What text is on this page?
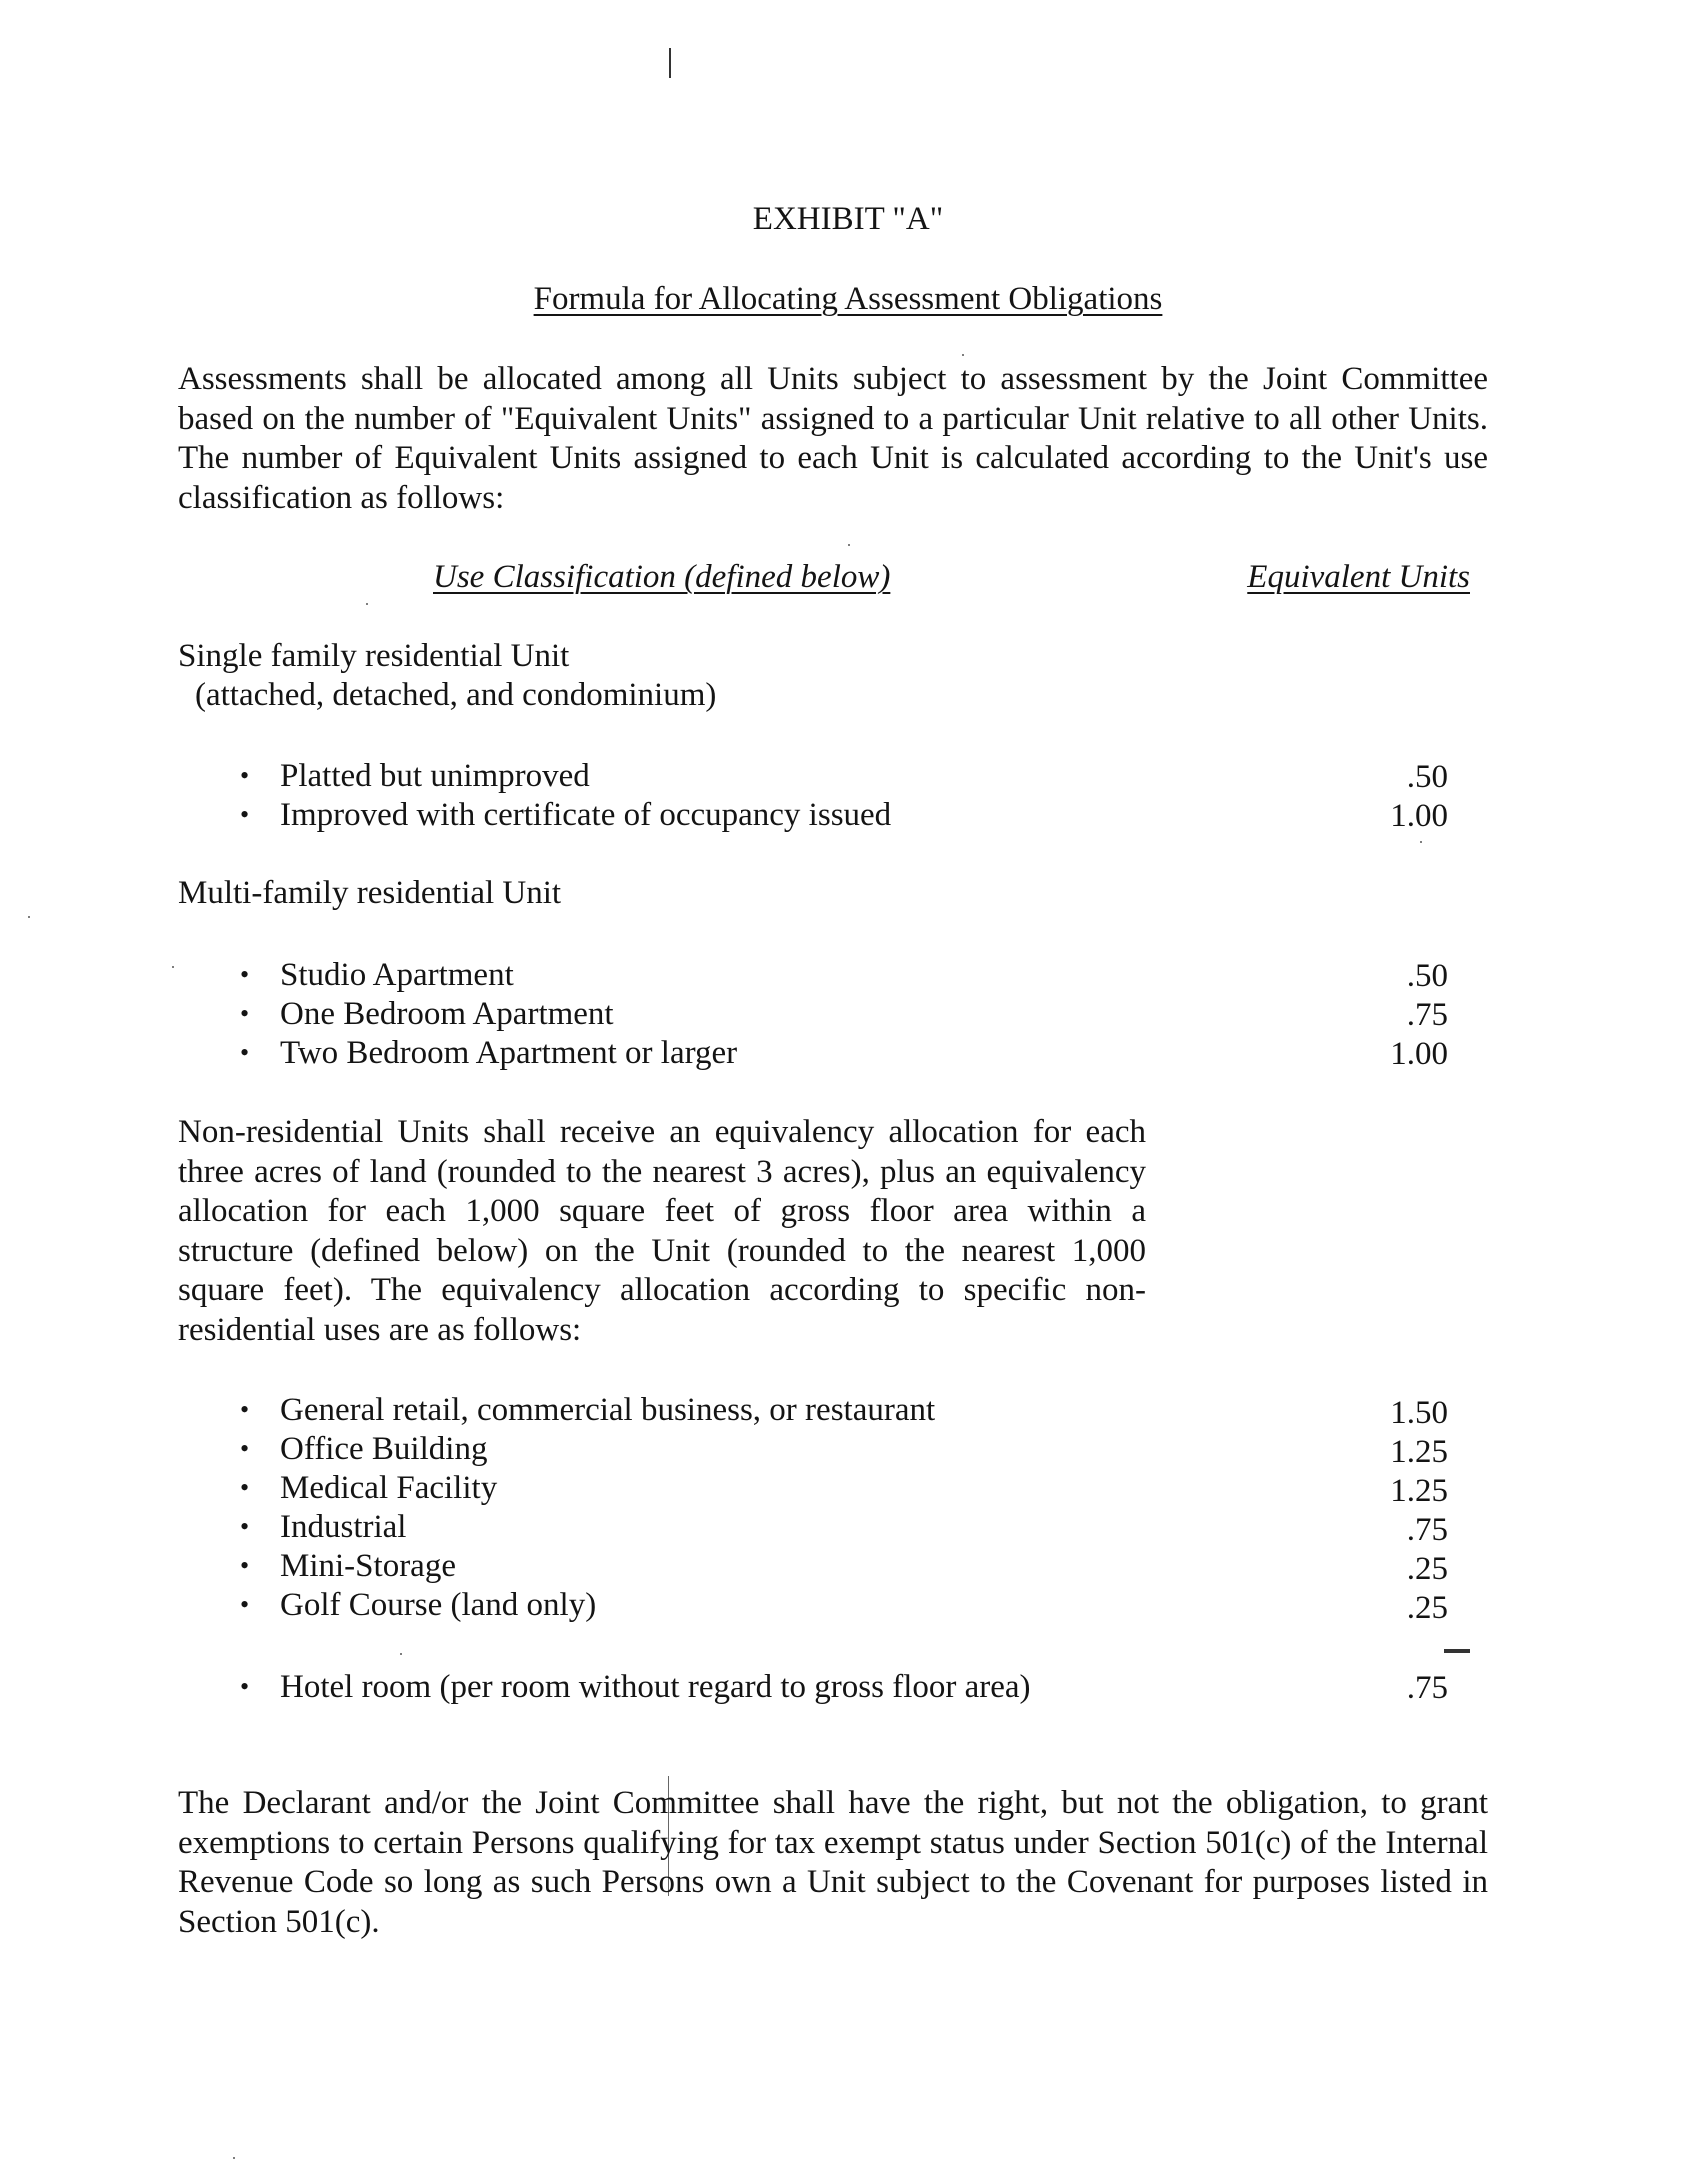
EXHIBIT "A"
Formula for Allocating Assessment Obligations
Assessments shall be allocated among all Units subject to assessment by the Joint Committee based on the number of "Equivalent Units" assigned to a particular Unit relative to all other Units. The number of Equivalent Units assigned to each Unit is calculated according to the Unit's use classification as follows:
Use Classification (defined below)	Equivalent Units
Single family residential Unit
(attached, detached, and condominium)
• Platted but unimproved	.50
• Improved with certificate of occupancy issued	1.00
Multi-family residential Unit
• Studio Apartment	.50
• One Bedroom Apartment	.75
• Two Bedroom Apartment or larger	1.00
Non-residential Units shall receive an equivalency allocation for each three acres of land (rounded to the nearest 3 acres), plus an equivalency allocation for each 1,000 square feet of gross floor area within a structure (defined below) on the Unit (rounded to the nearest 1,000 square feet). The equivalency allocation according to specific non-residential uses are as follows:
• General retail, commercial business, or restaurant	1.50
• Office Building	1.25
• Medical Facility	1.25
• Industrial	.75
• Mini-Storage	.25
• Golf Course (land only)	.25
• Hotel room (per room without regard to gross floor area)	.75
The Declarant and/or the Joint Committee shall have the right, but not the obligation, to grant exemptions to certain Persons qualifying for tax exempt status under Section 501(c) of the Internal Revenue Code so long as such Persons own a Unit subject to the Covenant for purposes listed in Section 501(c).
